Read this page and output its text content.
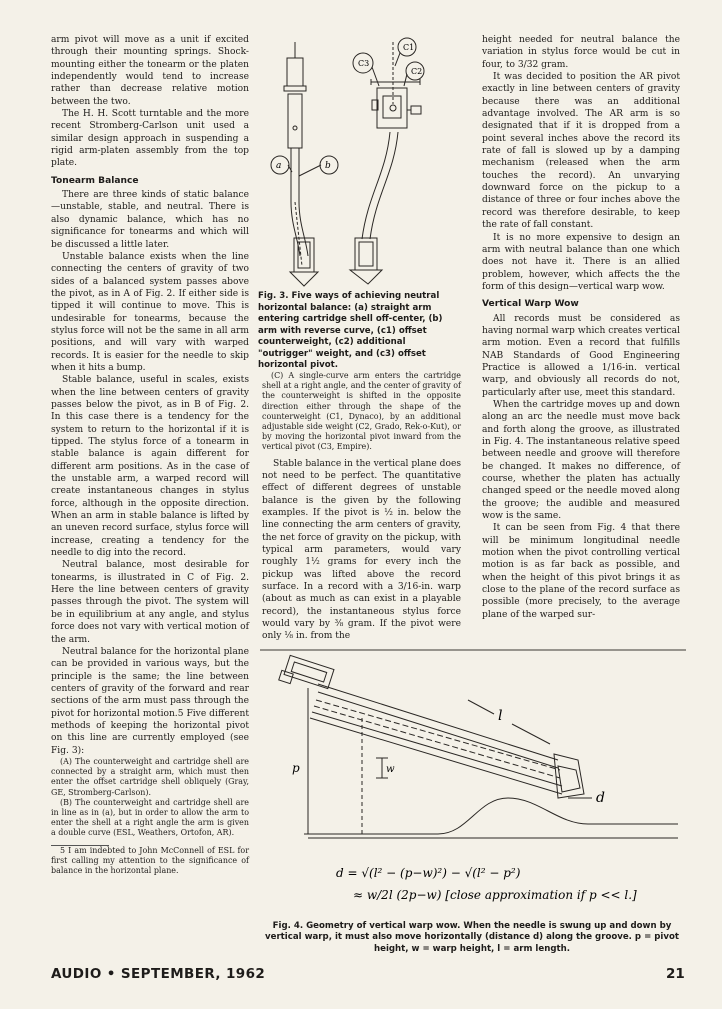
arm pivot will move as a unit if excited through their mounting springs. Shock-mounting either the tonearm or the platen independently would tend to increase rather than decrease relative motion between the two.

The H. H. Scott turntable and the more recent Stromberg-Carlson unit used a similar design approach in suspending a rigid arm-platen assembly from the top plate.

Tonearm Balance

There are three kinds of static balance—unstable, stable, and neutral. There is also dynamic balance, which has no significance for tonearms and which will be discussed a little later.

Unstable balance exists when the line connecting the centers of gravity of two sides of a balanced system passes above the pivot, as in A of Fig. 2. If either side is tipped it will continue to move. This is undesirable for tonearms, because the stylus force will not be the same in all arm positions, and will vary with warped records. It is easier for the needle to skip when it hits a bump.

Stable balance, useful in scales, exists when the line between centers of gravity passes below the pivot, as in B of Fig. 2. In this case there is a tendency for the system to return to the horizontal if it is tipped. The stylus force of a tonearm in stable balance is again different for different arm positions. As in the case of the unstable arm, a warped record will create instantaneous changes in stylus force, although in the opposite direction. When an arm in stable balance is lifted by an uneven record surface, stylus force will increase, creating a tendency for the needle to dig into the record.

Neutral balance, most desirable for tonearms, is illustrated in C of Fig. 2. Here the line between centers of gravity passes through the pivot. The system will be in equilibrium at any angle, and stylus force does not vary with vertical motion of the arm.

Neutral balance for the horizontal plane can be provided in various ways, but the principle is the same; the line between centers of gravity of the forward and rear sections of the arm must pass through the pivot for horizontal motion.5 Five different methods of keeping the horizontal pivot on this line are currently employed (see Fig. 3):

(A) The counterweight and cartridge shell are connected by a straight arm, which must then enter the offset cartridge shell obliquely (Gray, GE, Stromberg-Carlson).

(B) The counterweight and cartridge shell are in line as in (a), but in order to allow the arm to enter the shell at a right angle the arm is given a double curve (ESL, Weathers, Ortofon, AR).

5 I am indebted to John McConnell of ESL for first calling my attention to the significance of balance in the horizontal plane.
C1
C2
C3
a	b
Fig. 3. Five ways of achieving neutral horizontal balance: (a) straight arm entering cartridge shell off-center, (b) arm with reverse curve, (c1) offset counterweight, (c2) additional "outrigger" weight, and (c3) offset horizontal pivot.

(C) A single-curve arm enters the cartridge shell at a right angle, and the center of gravity of the counterweight is shifted in the opposite direction either through the shape of the counterweight (C1, Dynaco), by an additional adjustable side weight (C2, Grado, Rek-o-Kut), or by moving the horizontal pivot inward from the vertical pivot (C3, Empire).

Stable balance in the vertical plane does not need to be perfect. The quantitative effect of different degrees of unstable balance is the given by the following examples. If the pivot is ½ in. below the line connecting the arm centers of gravity, the net force of gravity on the pickup, with typical arm parameters, would vary roughly 1½ grams for every inch the pickup was lifted above the record surface. In a record with a 3/16-in. warp (about as much as can exist in a playable record), the instantaneous stylus force would vary by ⅜ gram. If the pivot were only ⅛ in. from the

height needed for neutral balance the variation in stylus force would be cut in four, to 3/32 gram.

It was decided to position the AR pivot exactly in line between centers of gravity because there was an additional advantage involved. The AR arm is so designated that if it is dropped from a point several inches above the record its rate of fall is slowed up by a damping mechanism (released when the arm touches the record). An unvarying downward force on the pickup to a distance of three or four inches above the record was therefore desirable, to keep the rate of fall constant.

It is no more expensive to design an arm with neutral balance than one which does not have it. There is an allied problem, however, which affects the the form of this design—vertical warp wow.

Vertical Warp Wow

All records must be considered as having normal warp which creates vertical arm motion. Even a record that fulfills NAB Standards of Good Engineering Practice is allowed a 1/16-in. vertical warp, and obviously all records do not, particularly after use, meet this standard.

When the cartridge moves up and down along an arc the needle must move back and forth along the groove, as illustrated in Fig. 4. The instantaneous relative speed between needle and groove will therefore be changed. It makes no difference, of course, whether the platen has actually changed speed or the needle moved along the groove; the audible and measured wow is the same.

It can be seen from Fig. 4 that there will be minimum longitudinal needle motion when the pivot controlling vertical motion is as far back as possible, and when the height of this pivot brings it as close to the plane of the record surface as possible (more precisely, to the average plane of the warped sur-

l
p	w
d
d = √(l² − (p−w)²) − √(l² − p²)
≈ w/2l (2p−w) [close approximation if p << l.]
Fig. 4. Geometry of vertical warp wow. When the needle is swung up and down by vertical warp, it must also move horizontally (distance d) along the groove. p = pivot height, w = warp height, l = arm length.
AUDIO • SEPTEMBER, 1962	21
